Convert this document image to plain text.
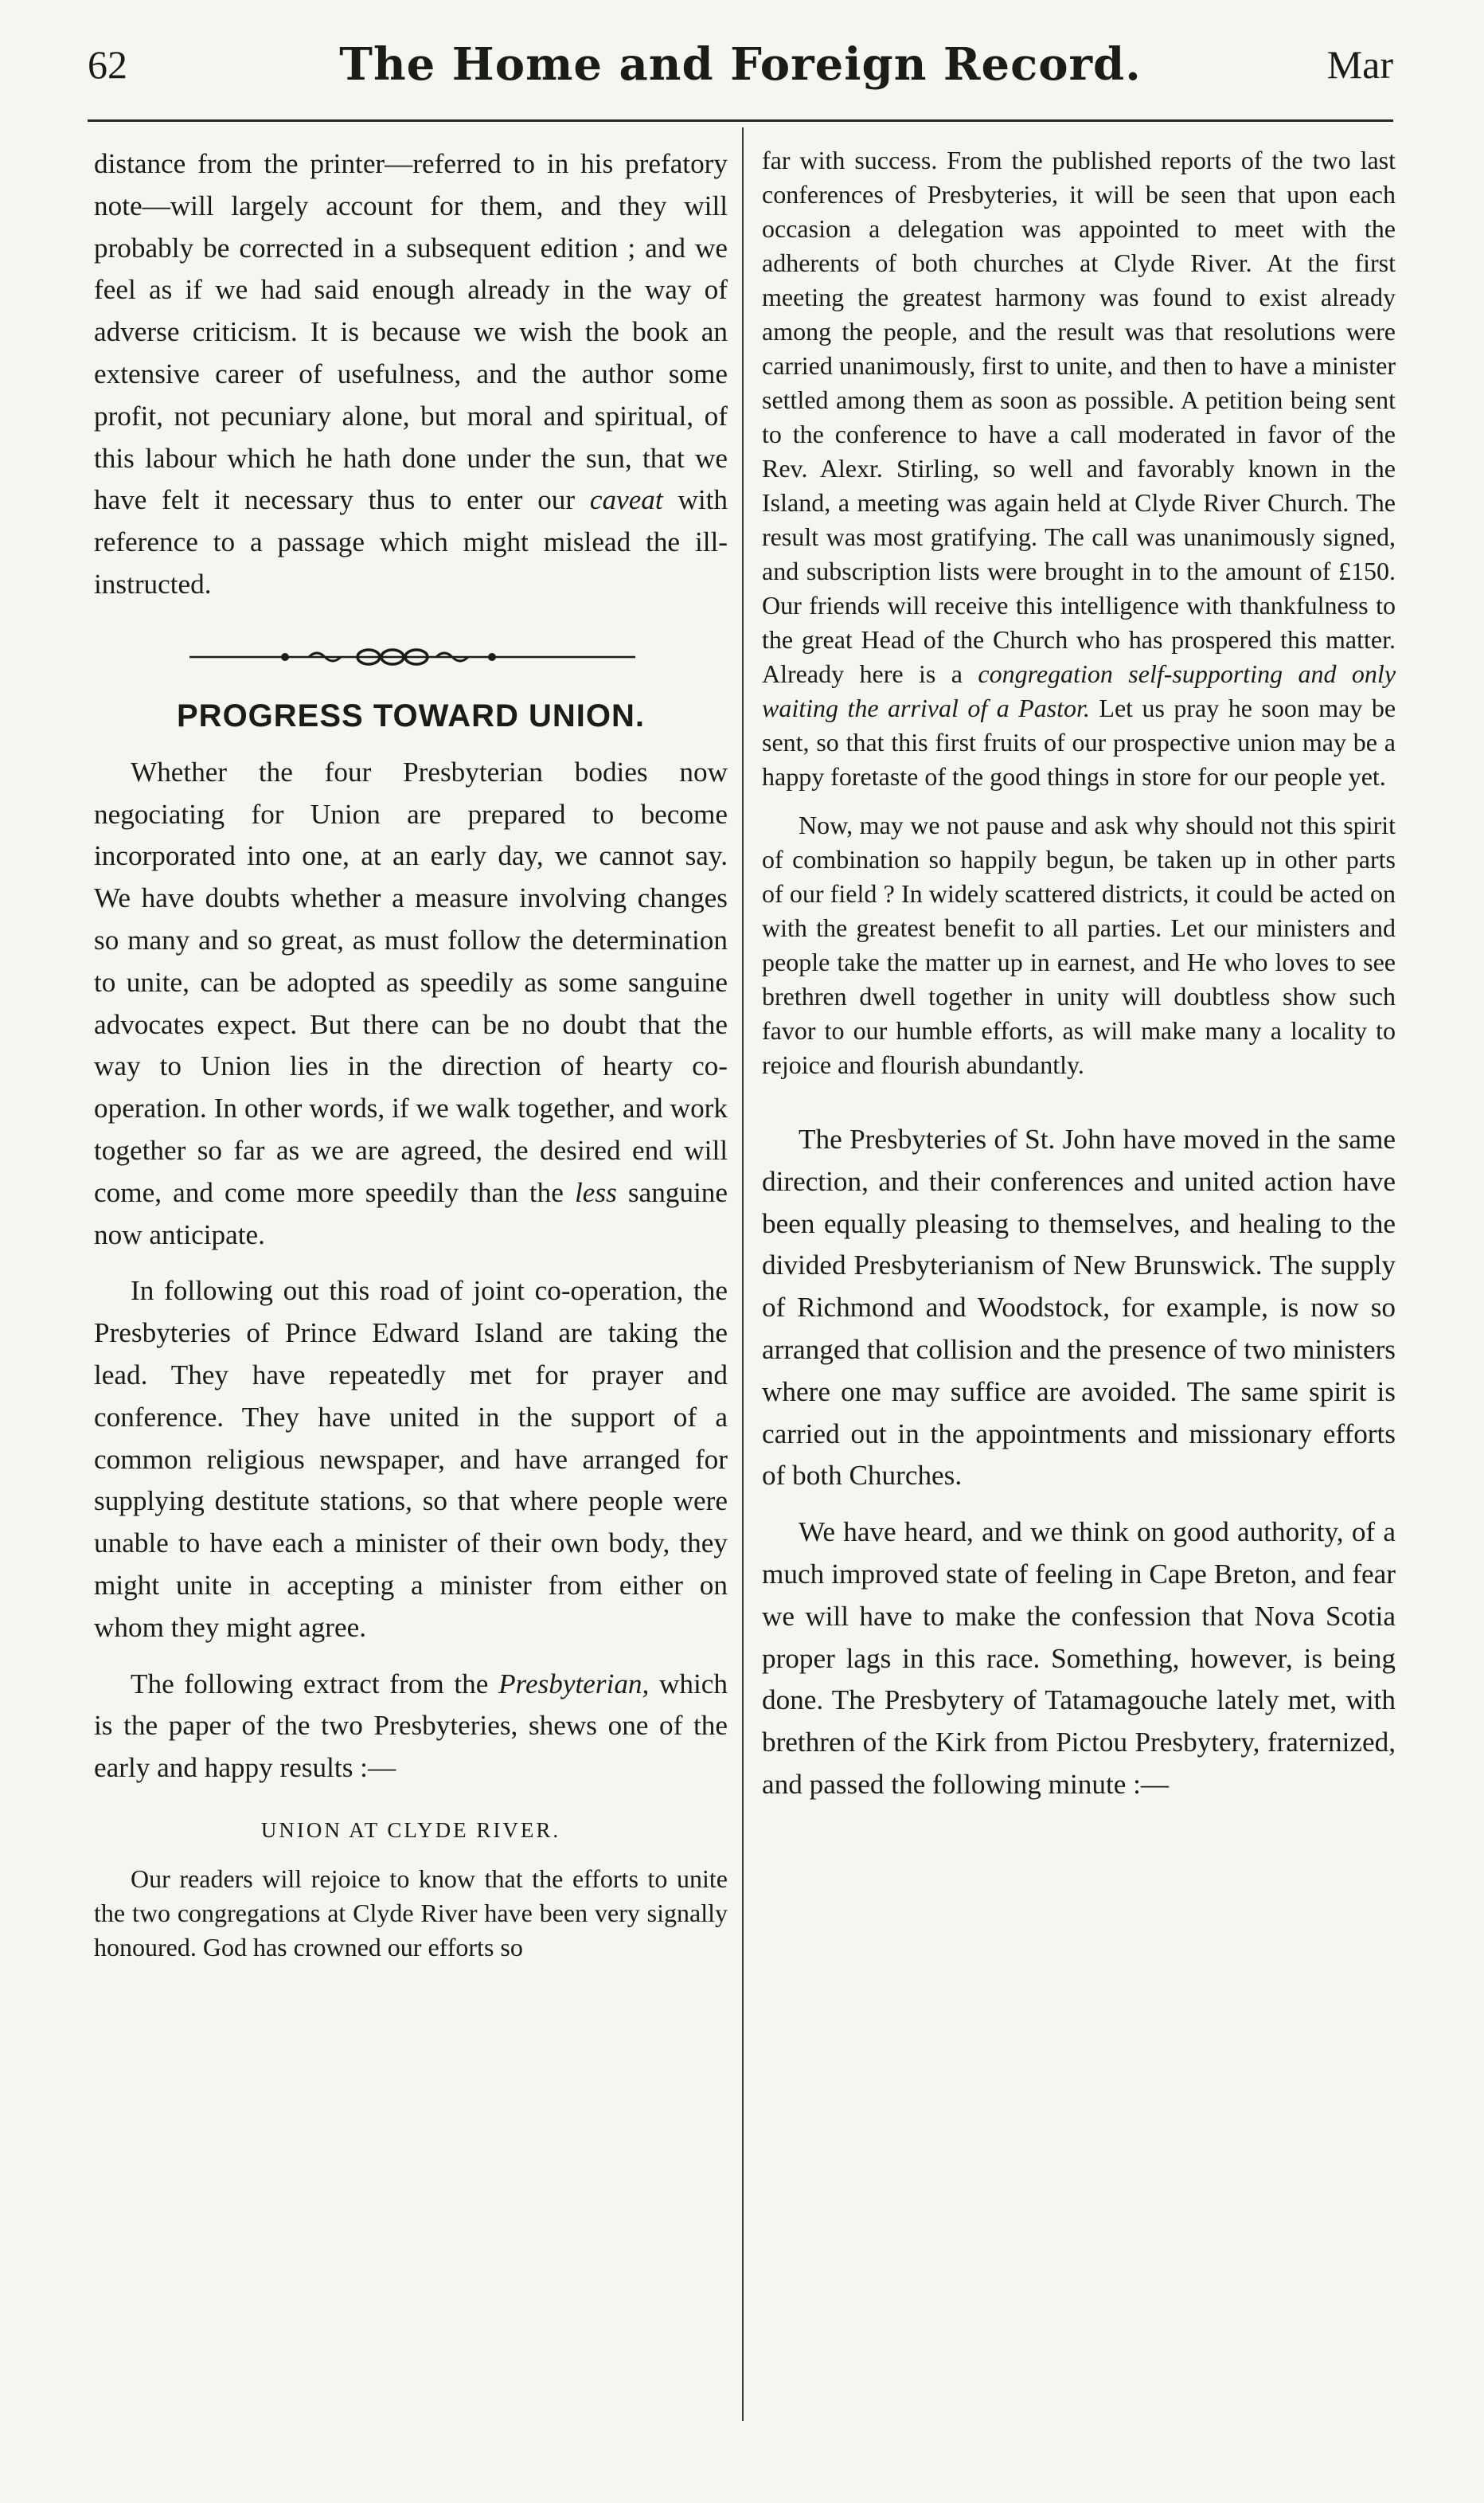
62	The Home and Foreign Record.	Mar

distance from the printer—referred to in his prefatory note—will largely account for them, and they will probably be corrected in a subsequent edition ; and we feel as if we had said enough already in the way of adverse criticism. It is because we wish the book an extensive career of usefulness, and the author some profit, not pecuniary alone, but moral and spiritual, of this labour which he hath done under the sun, that we have felt it necessary thus to enter our caveat with reference to a passage which might mislead the ill-instructed.

PROGRESS TOWARD UNION.

Whether the four Presbyterian bodies now negociating for Union are prepared to become incorporated into one, at an early day, we cannot say. We have doubts whether a measure involving changes so many and so great, as must follow the determination to unite, can be adopted as speedily as some sanguine advocates expect. But there can be no doubt that the way to Union lies in the direction of hearty co-operation. In other words, if we walk together, and work together so far as we are agreed, the desired end will come, and come more speedily than the less sanguine now anticipate.

In following out this road of joint co-operation, the Presbyteries of Prince Edward Island are taking the lead. They have repeatedly met for prayer and conference. They have united in the support of a common religious newspaper, and have arranged for supplying destitute stations, so that where people were unable to have each a minister of their own body, they might unite in accepting a minister from either on whom they might agree.

The following extract from the Presbyterian, which is the paper of the two Presbyteries, shews one of the early and happy results :—

UNION AT CLYDE RIVER.

Our readers will rejoice to know that the efforts to unite the two congregations at Clyde River have been very signally honoured. God has crowned our efforts so

far with success. From the published reports of the two last conferences of Presbyteries, it will be seen that upon each occasion a delegation was appointed to meet with the adherents of both churches at Clyde River. At the first meeting the greatest harmony was found to exist already among the people, and the result was that resolutions were carried unanimously, first to unite, and then to have a minister settled among them as soon as possible. A petition being sent to the conference to have a call moderated in favor of the Rev. Alexr. Stirling, so well and favorably known in the Island, a meeting was again held at Clyde River Church. The result was most gratifying. The call was unanimously signed, and subscription lists were brought in to the amount of £150. Our friends will receive this intelligence with thankfulness to the great Head of the Church who has prospered this matter. Already here is a congregation self-supporting and only waiting the arrival of a Pastor. Let us pray he soon may be sent, so that this first fruits of our prospective union may be a happy foretaste of the good things in store for our people yet.

Now, may we not pause and ask why should not this spirit of combination so happily begun, be taken up in other parts of our field ? In widely scattered districts, it could be acted on with the greatest benefit to all parties. Let our ministers and people take the matter up in earnest, and He who loves to see brethren dwell together in unity will doubtless show such favor to our humble efforts, as will make many a locality to rejoice and flourish abundantly.

The Presbyteries of St. John have moved in the same direction, and their conferences and united action have been equally pleasing to themselves, and healing to the divided Presbyterianism of New Brunswick. The supply of Richmond and Woodstock, for example, is now so arranged that collision and the presence of two ministers where one may suffice are avoided. The same spirit is carried out in the appointments and missionary efforts of both Churches.

We have heard, and we think on good authority, of a much improved state of feeling in Cape Breton, and fear we will have to make the confession that Nova Scotia proper lags in this race. Something, however, is being done. The Presbytery of Tatamagouche lately met, with brethren of the Kirk from Pictou Presbytery, fraternized, and passed the following minute :—
